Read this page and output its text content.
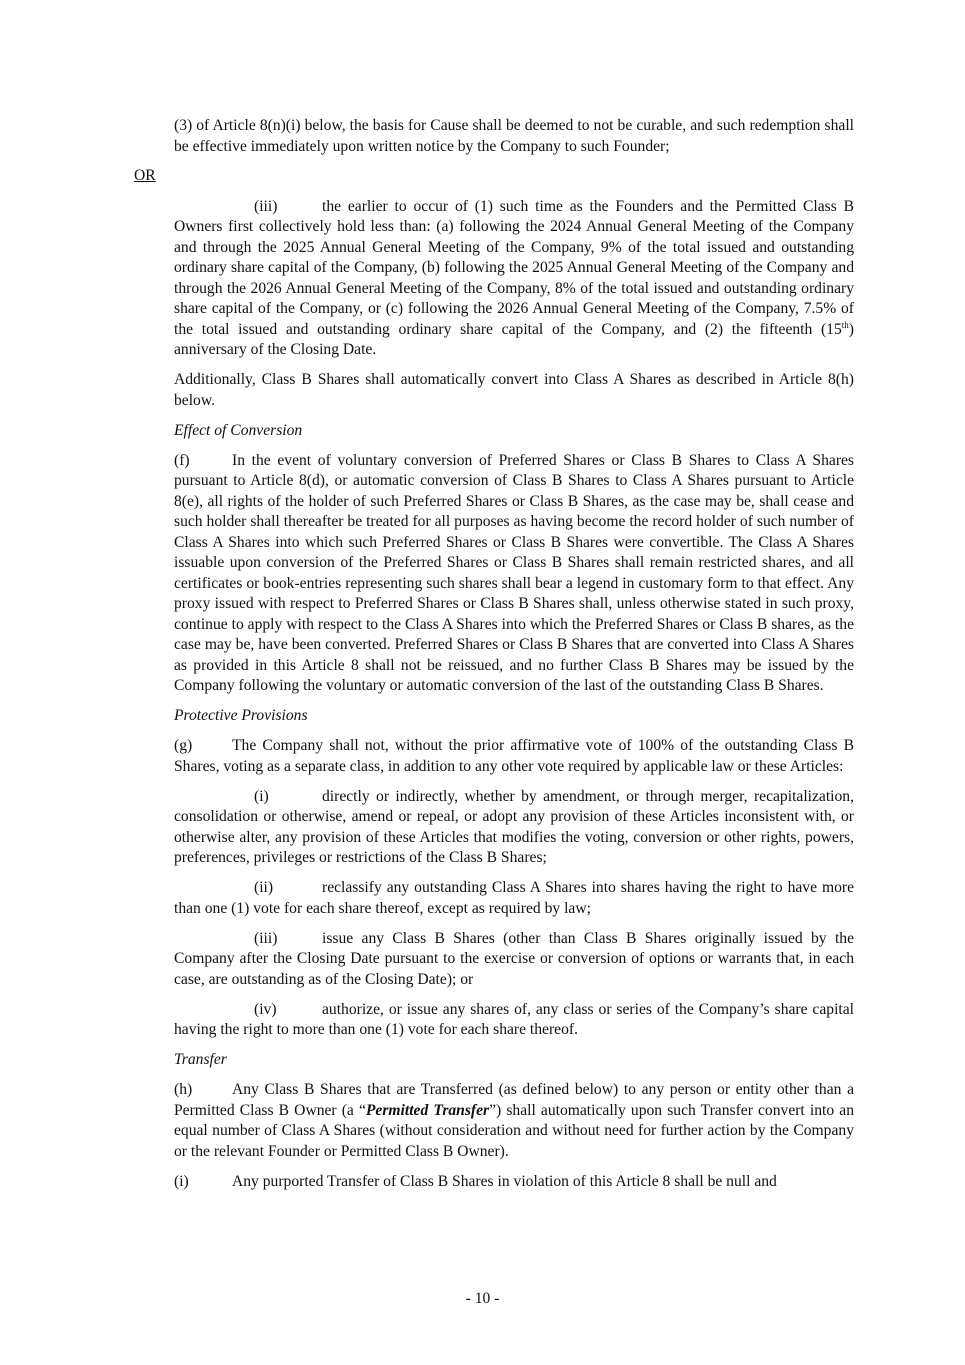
OR

(3) of Article 8(n)(i) below, the basis for Cause shall be deemed to not be curable, and such redemption shall be effective immediately upon written notice by the Company to such Founder;

(iii)	the earlier to occur of (1) such time as the Founders and the Permitted Class B Owners first collectively hold less than: (a) following the 2024 Annual General Meeting of the Company and through the 2025 Annual General Meeting of the Company, 9% of the total issued and outstanding ordinary share capital of the Company, (b) following the 2025 Annual General Meeting of the Company and through the 2026 Annual General Meeting of the Company, 8% of the total issued and outstanding ordinary share capital of the Company, or (c) following the 2026 Annual General Meeting of the Company, 7.5% of the total issued and outstanding ordinary share capital of the Company, and (2) the fifteenth (15th) anniversary of the Closing Date.

Additionally, Class B Shares shall automatically convert into Class A Shares as described in Article 8(h) below.

Effect of Conversion

(f)	In the event of voluntary conversion of Preferred Shares or Class B Shares to Class A Shares pursuant to Article 8(d), or automatic conversion of Class B Shares to Class A Shares pursuant to Article 8(e), all rights of the holder of such Preferred Shares or Class B Shares, as the case may be, shall cease and such holder shall thereafter be treated for all purposes as having become the record holder of such number of Class A Shares into which such Preferred Shares or Class B Shares were convertible. The Class A Shares issuable upon conversion of the Preferred Shares or Class B Shares shall remain restricted shares, and all certificates or book-entries representing such shares shall bear a legend in customary form to that effect. Any proxy issued with respect to Preferred Shares or Class B Shares shall, unless otherwise stated in such proxy, continue to apply with respect to the Class A Shares into which the Preferred Shares or Class B shares, as the case may be, have been converted. Preferred Shares or Class B Shares that are converted into Class A Shares as provided in this Article 8 shall not be reissued, and no further Class B Shares may be issued by the Company following the voluntary or automatic conversion of the last of the outstanding Class B Shares.

Protective Provisions

(g)	The Company shall not, without the prior affirmative vote of 100% of the outstanding Class B Shares, voting as a separate class, in addition to any other vote required by applicable law or these Articles:

(i)	directly or indirectly, whether by amendment, or through merger, recapitalization, consolidation or otherwise, amend or repeal, or adopt any provision of these Articles inconsistent with, or otherwise alter, any provision of these Articles that modifies the voting, conversion or other rights, powers, preferences, privileges or restrictions of the Class B Shares;

(ii)	reclassify any outstanding Class A Shares into shares having the right to have more than one (1) vote for each share thereof, except as required by law;

(iii)	issue any Class B Shares (other than Class B Shares originally issued by the Company after the Closing Date pursuant to the exercise or conversion of options or warrants that, in each case, are outstanding as of the Closing Date); or

(iv)	authorize, or issue any shares of, any class or series of the Company’s share capital having the right to more than one (1) vote for each share thereof.

Transfer

(h)	Any Class B Shares that are Transferred (as defined below) to any person or entity other than a Permitted Class B Owner (a “Permitted Transfer”) shall automatically upon such Transfer convert into an equal number of Class A Shares (without consideration and without need for further action by the Company or the relevant Founder or Permitted Class B Owner).

(i)	Any purported Transfer of Class B Shares in violation of this Article 8 shall be null and

- 10 -
